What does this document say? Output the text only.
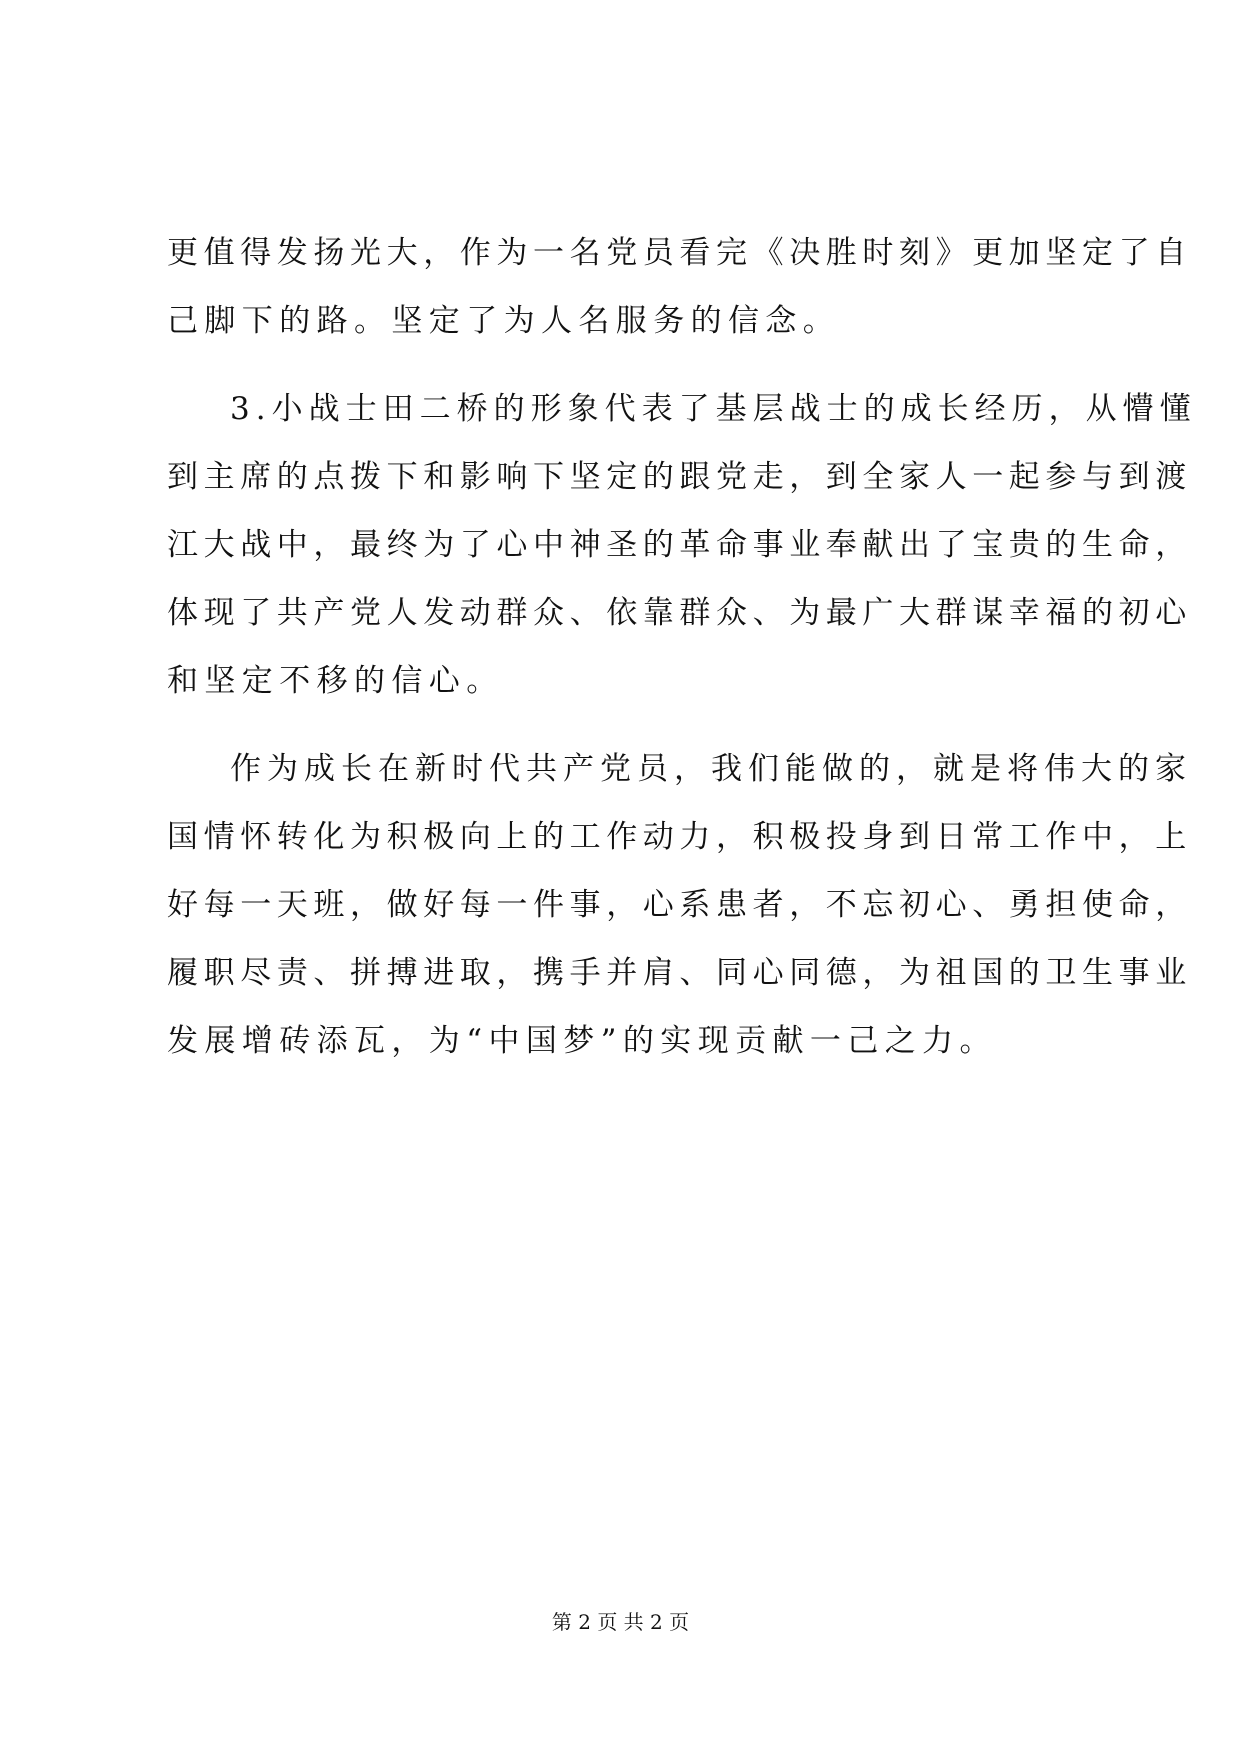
更值得发扬光大，作为一名党员看完《决胜时刻》更加坚定了自
己脚下的路。坚定了为人名服务的信念。
3.小战士田二桥的形象代表了基层战士的成长经历，从懵懂
到主席的点拨下和影响下坚定的跟党走，到全家人一起参与到渡
江大战中，最终为了心中神圣的革命事业奉献出了宝贵的生命，
体现了共产党人发动群众、依靠群众、为最广大群谋幸福的初心
和坚定不移的信心。
作为成长在新时代共产党员，我们能做的，就是将伟大的家
国情怀转化为积极向上的工作动力，积极投身到日常工作中，上
好每一天班，做好每一件事，心系患者，不忘初心、勇担使命，
履职尽责、拼搏进取，携手并肩、同心同德，为祖国的卫生事业
发展增砖添瓦，为“中国梦”的实现贡献一己之力。
第 2 页 共 2 页
